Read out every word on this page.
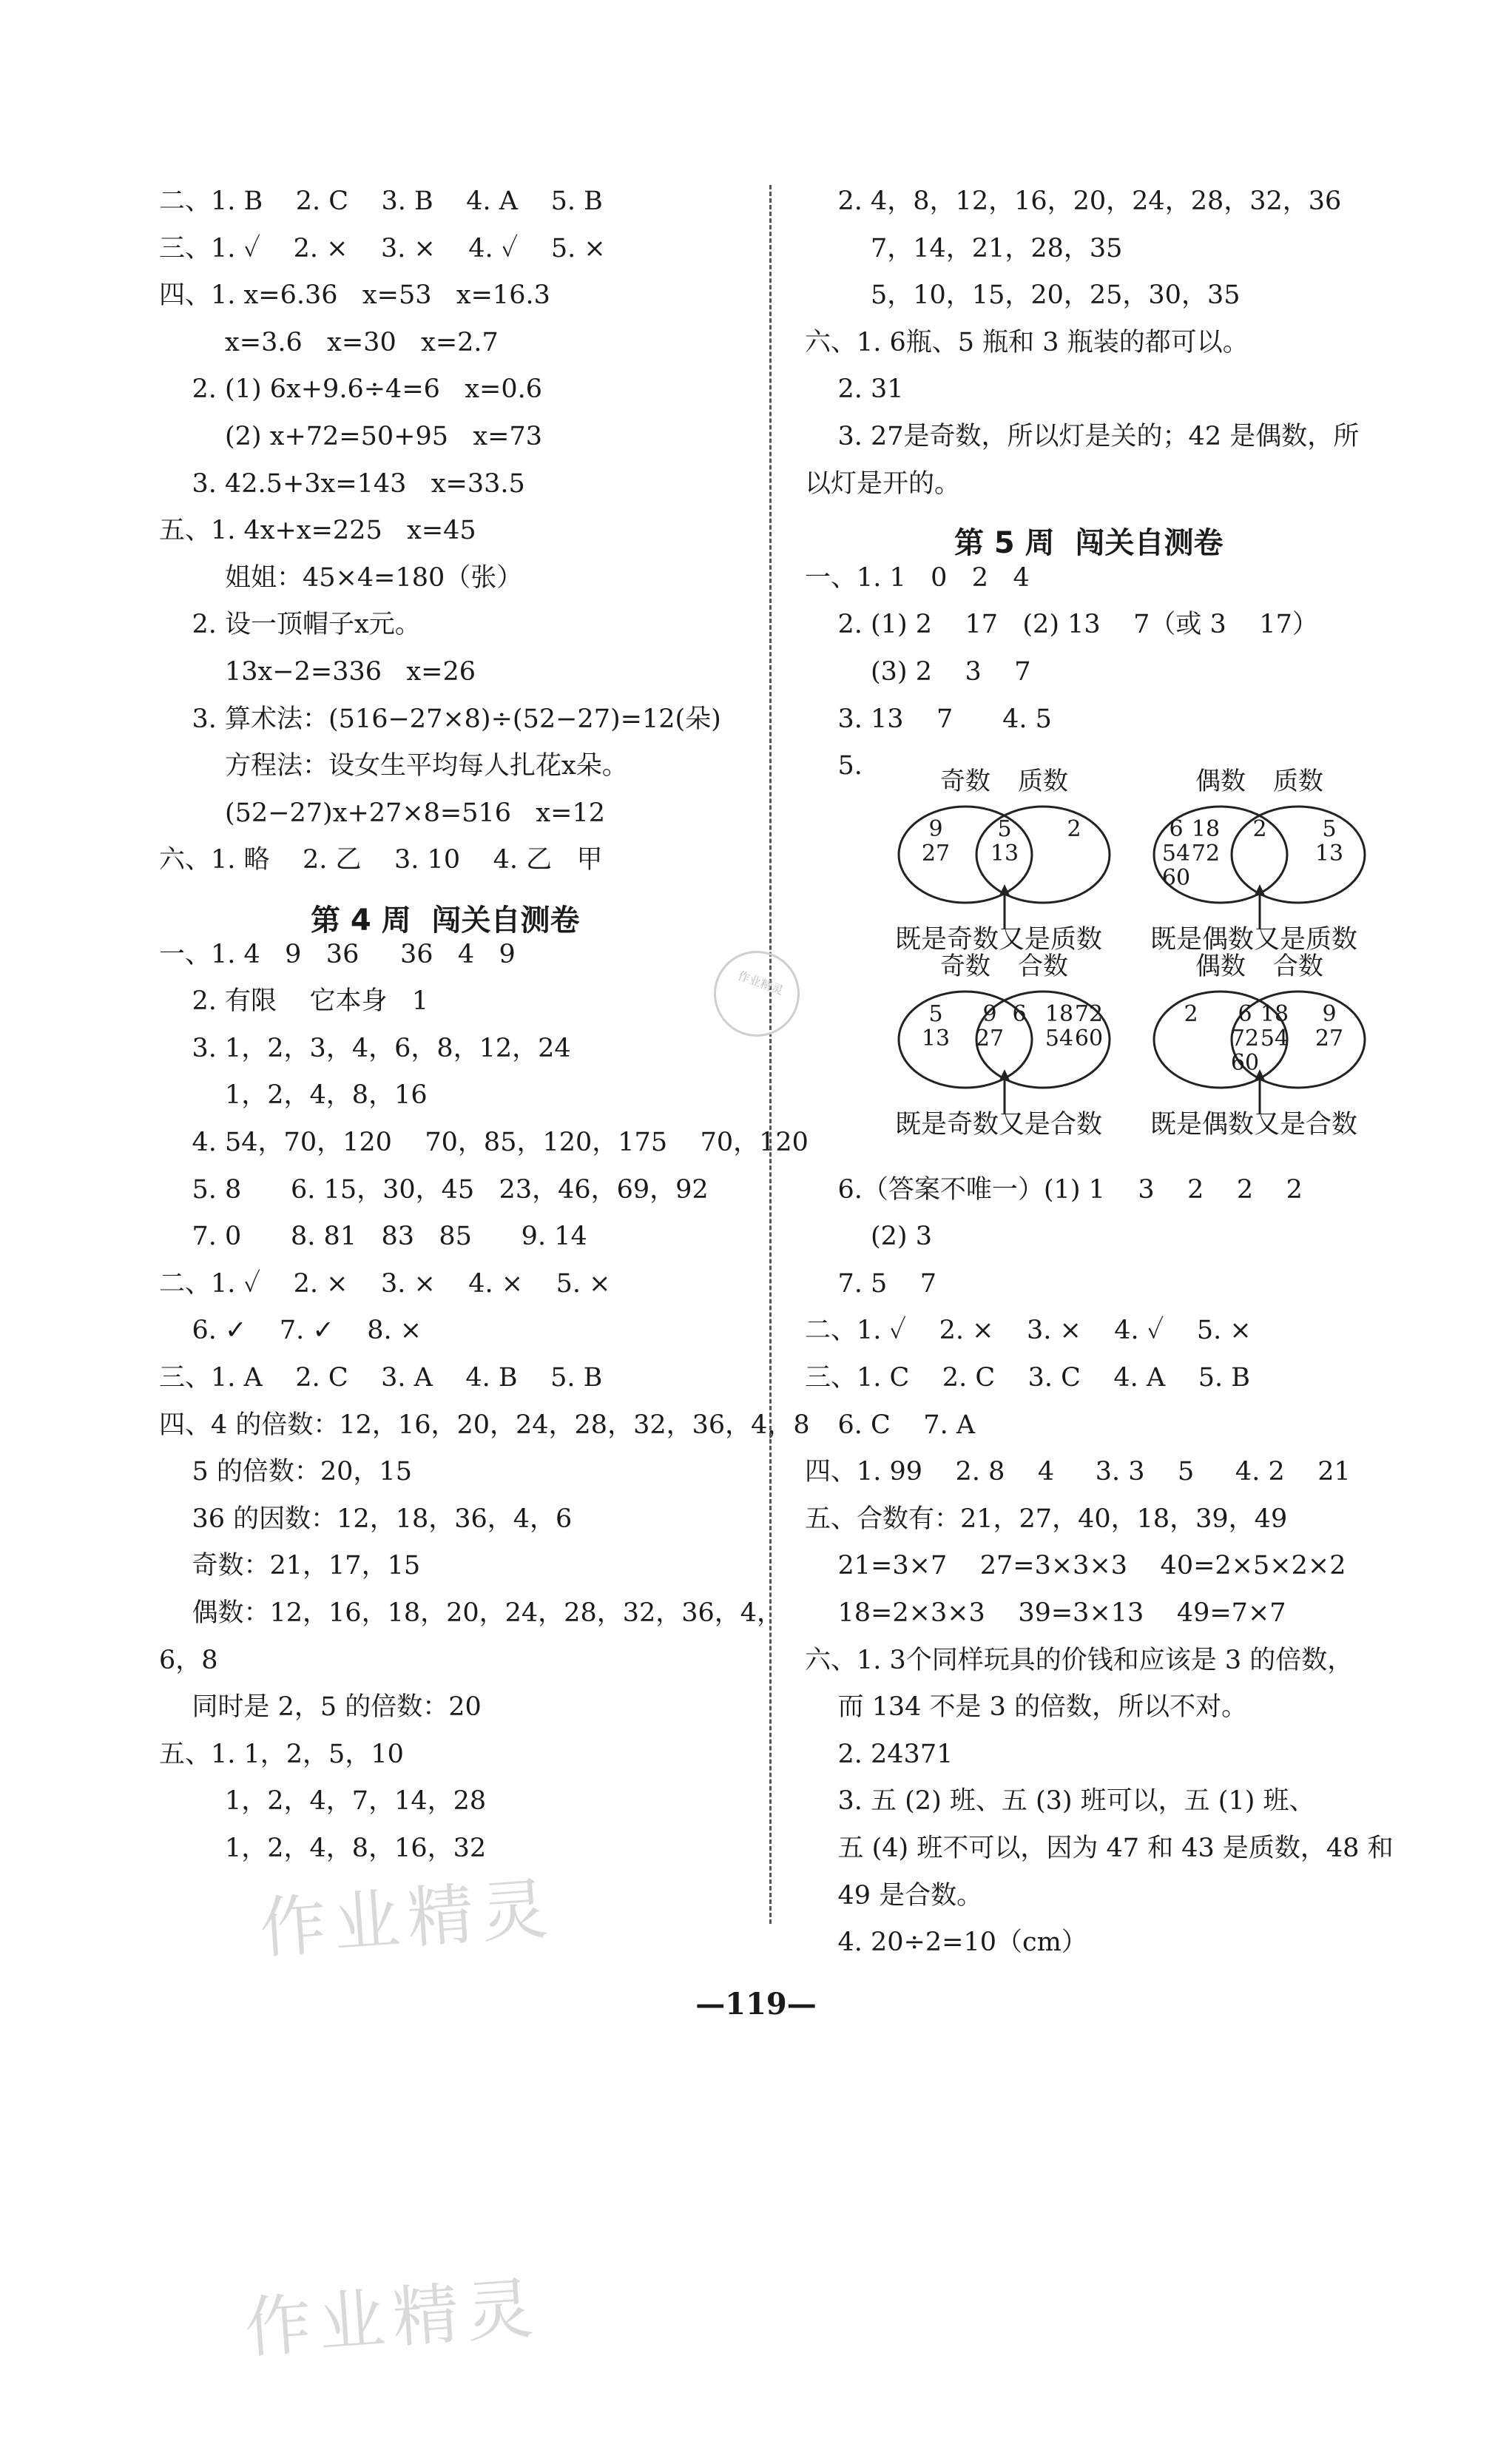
二、1. B    2. C    3. B    4. A    5. B
三、1. ✓    2. ×    3. ×    4. ✓    5. ×
四、1. x=6.36   x=53   x=16.3
x=3.6   x=30   x=2.7
2. (1) 6x+9.6÷4=6   x=0.6
(2) x+72=50+95   x=73
3. 42.5+3x=143   x=33.5
五、1. 4x+x=225   x=45
姐姐：45×4=180（张）
2. 设一顶帽子x元。
13x−2=336   x=26
3. 算术法：(516−27×8)÷(52−27)=12(朵)
方程法：设女生平均每人扎花x朵。
(52−27)x+27×8=516   x=12
六、1. 略    2. 乙    3. 10    4. 乙   甲
一、1. 4   9   36     36   4   9
2. 有限    它本身   1
3. 1，2，3，4，6，8，12，24
1，2，4，8，16
4. 54，70，120    70，85，120，175    70，120
5. 8      6. 15，30，45   23，46，69，92
7. 0      8. 81   83   85      9. 14
二、1. ✓    2. ×    3. ×    4. ×    5. ×
6. ✓    7. ✓    8. ×
三、1. A    2. C    3. A    4. B    5. B
四、4 的倍数：12，16，20，24，28，32，36，4，8
5 的倍数：20，15
36 的因数：12，18，36，4，6
奇数：21，17，15
偶数：12，16，18，20，24，28，32，36，4，
6，8
同时是 2，5 的倍数：20
五、1. 1，2，5，10
1，2，4，7，14，28
1，2，4，8，16，32
第 4 周  闯关自测卷
2. 4，8，12，16，20，24，28，32，36
7，14，21，28，35
5，10，15，20，25，30，35
六、1. 6瓶、5 瓶和 3 瓶装的都可以。
2. 31
3. 27是奇数，所以灯是关的；42 是偶数，所
以灯是开的。
一、1. 1   0   2   4
2. (1) 2    17   (2) 13    7（或 3    17）
(3) 2    3    7
3. 13    7      4. 5
5.
6.（答案不唯一）(1) 1    3    2    2    2
(2) 3
7. 5    7
二、1. ✓    2. ×    3. ×    4. ✓    5. ×
三、1. C    2. C    3. C    4. A    5. B
6. C    7. A
四、1. 99    2. 8    4     3. 3    5     4. 2    21
五、合数有：21，27，40，18，39，49
21=3×7    27=3×3×3    40=2×5×2×2
18=2×3×3    39=3×13    49=7×7
六、1. 3个同样玩具的价钱和应该是 3 的倍数，
而 134 不是 3 的倍数，所以不对。
2. 24371
3. 五 (2) 班、五 (3) 班可以，五 (1) 班、
五 (4) 班不可以，因为 47 和 43 是质数，48 和
49 是合数。
4. 20÷2=10（cm）
第 5 周  闯关自测卷
奇数 质数
9
27
5
13
2
既是奇数又是质数
偶数 质数
6 18
54 72
60
2 5
13
既是偶数又是质数
奇数 合数
5
13
9 6
27
18 72
54 60
既是奇数又是合数
偶数 合数
2 6 18
72 54
60
9
27
既是偶数又是合数
作业精灵
作业精灵
作业精灵
—119—
